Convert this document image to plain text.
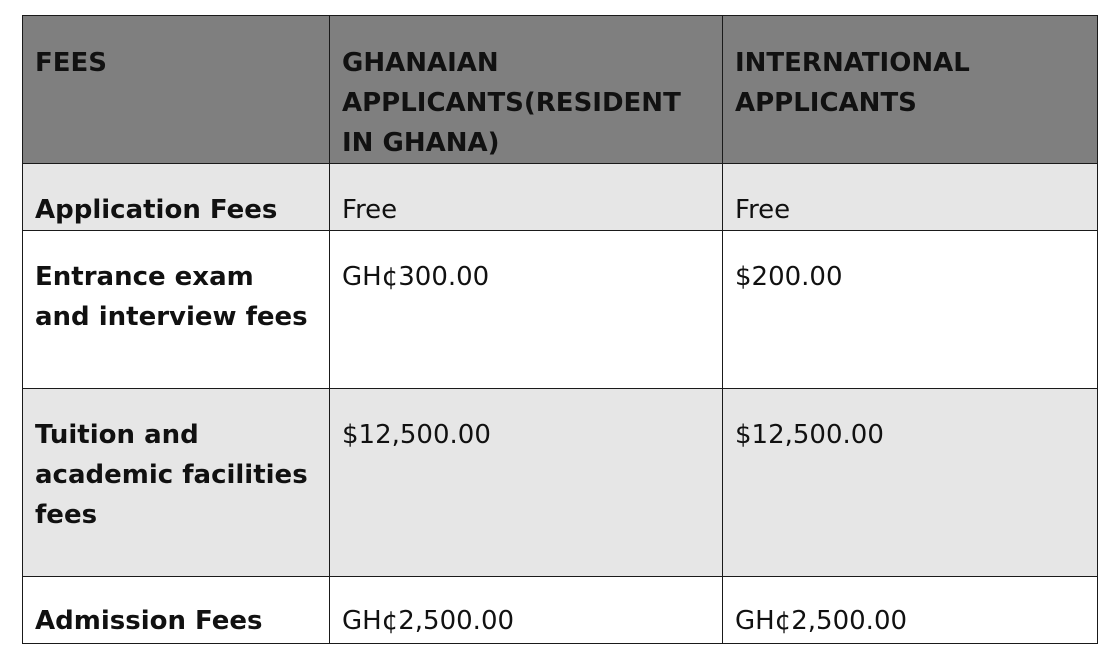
FEES	GHANAIAN APPLICANTS(RESIDENT IN GHANA)	INTERNATIONAL APPLICANTS
Application Fees	Free	Free
Entrance exam and interview fees	GH¢300.00	$200.00
Tuition and academic facilities fees	$12,500.00	$12,500.00
Admission Fees	GH¢2,500.00	GH¢2,500.00
